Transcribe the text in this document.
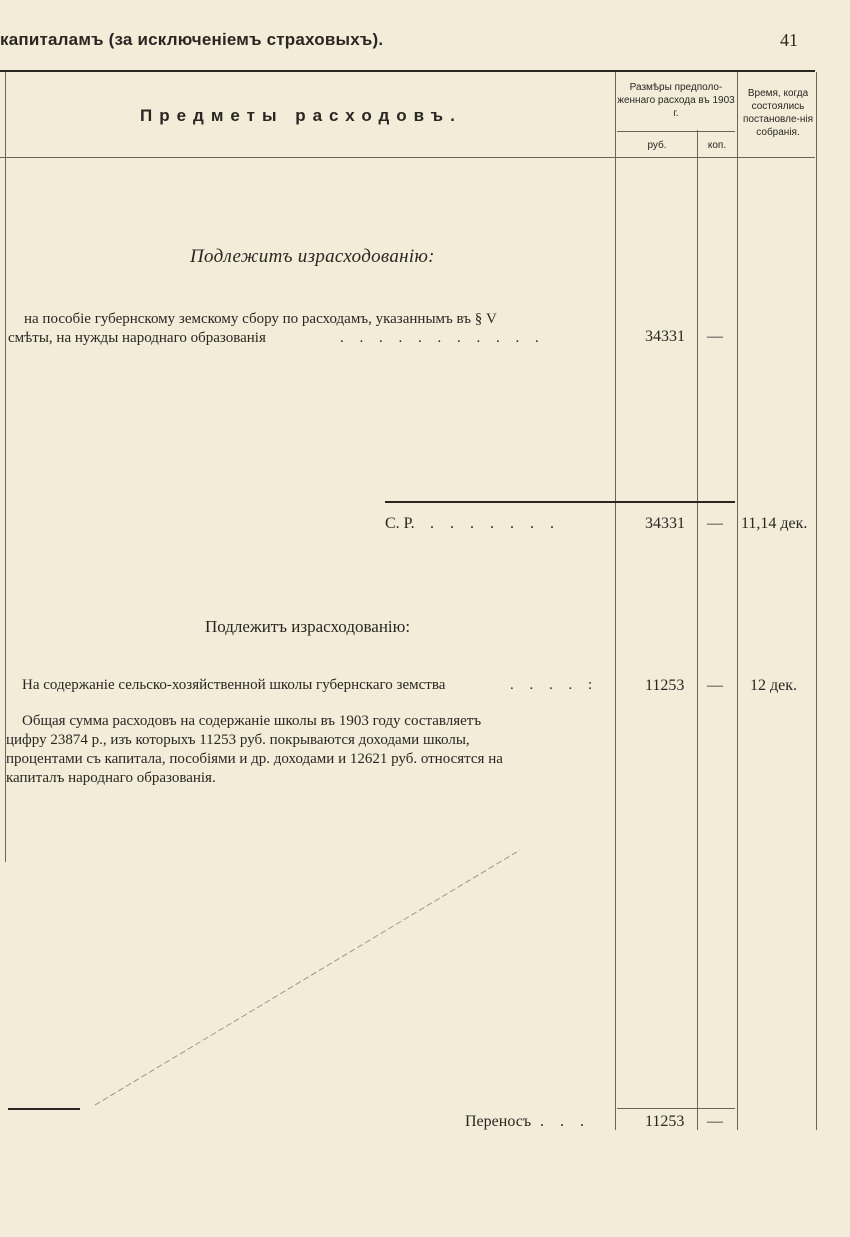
капиталамъ (за исключеніемъ страховыхъ).	41
Предметы расходовъ.
Размѣры предполо-женнаго расхода въ 1903 г.
руб.	коп.
Время, когда состоялись постановле-нія собранія.
Подлежитъ израсходованію:
на пособіе губернскому земскому сбору по расходамъ, указаннымъ въ § V
смѣты, на нужды народнаго образованія	. . . . . . . . . . .	34331 —
С. Р. . . . . . . .	34331 — 11,14 дек.
Подлежитъ израсходованію:
На содержаніе сельско-хозяйственной школы губернскаго земства	. . . . :	11253 — 12 дек.
Общая сумма расходовъ на содержаніе школы въ 1903 году составляетъ
цифру 23874 р., изъ которыхъ 11253 руб. покрываются доходами школы,
процентами съ капитала, пособіями и др. доходами и 12621 руб. относятся на
капиталъ народнаго образованія.
Переносъ . . .	11253 —
